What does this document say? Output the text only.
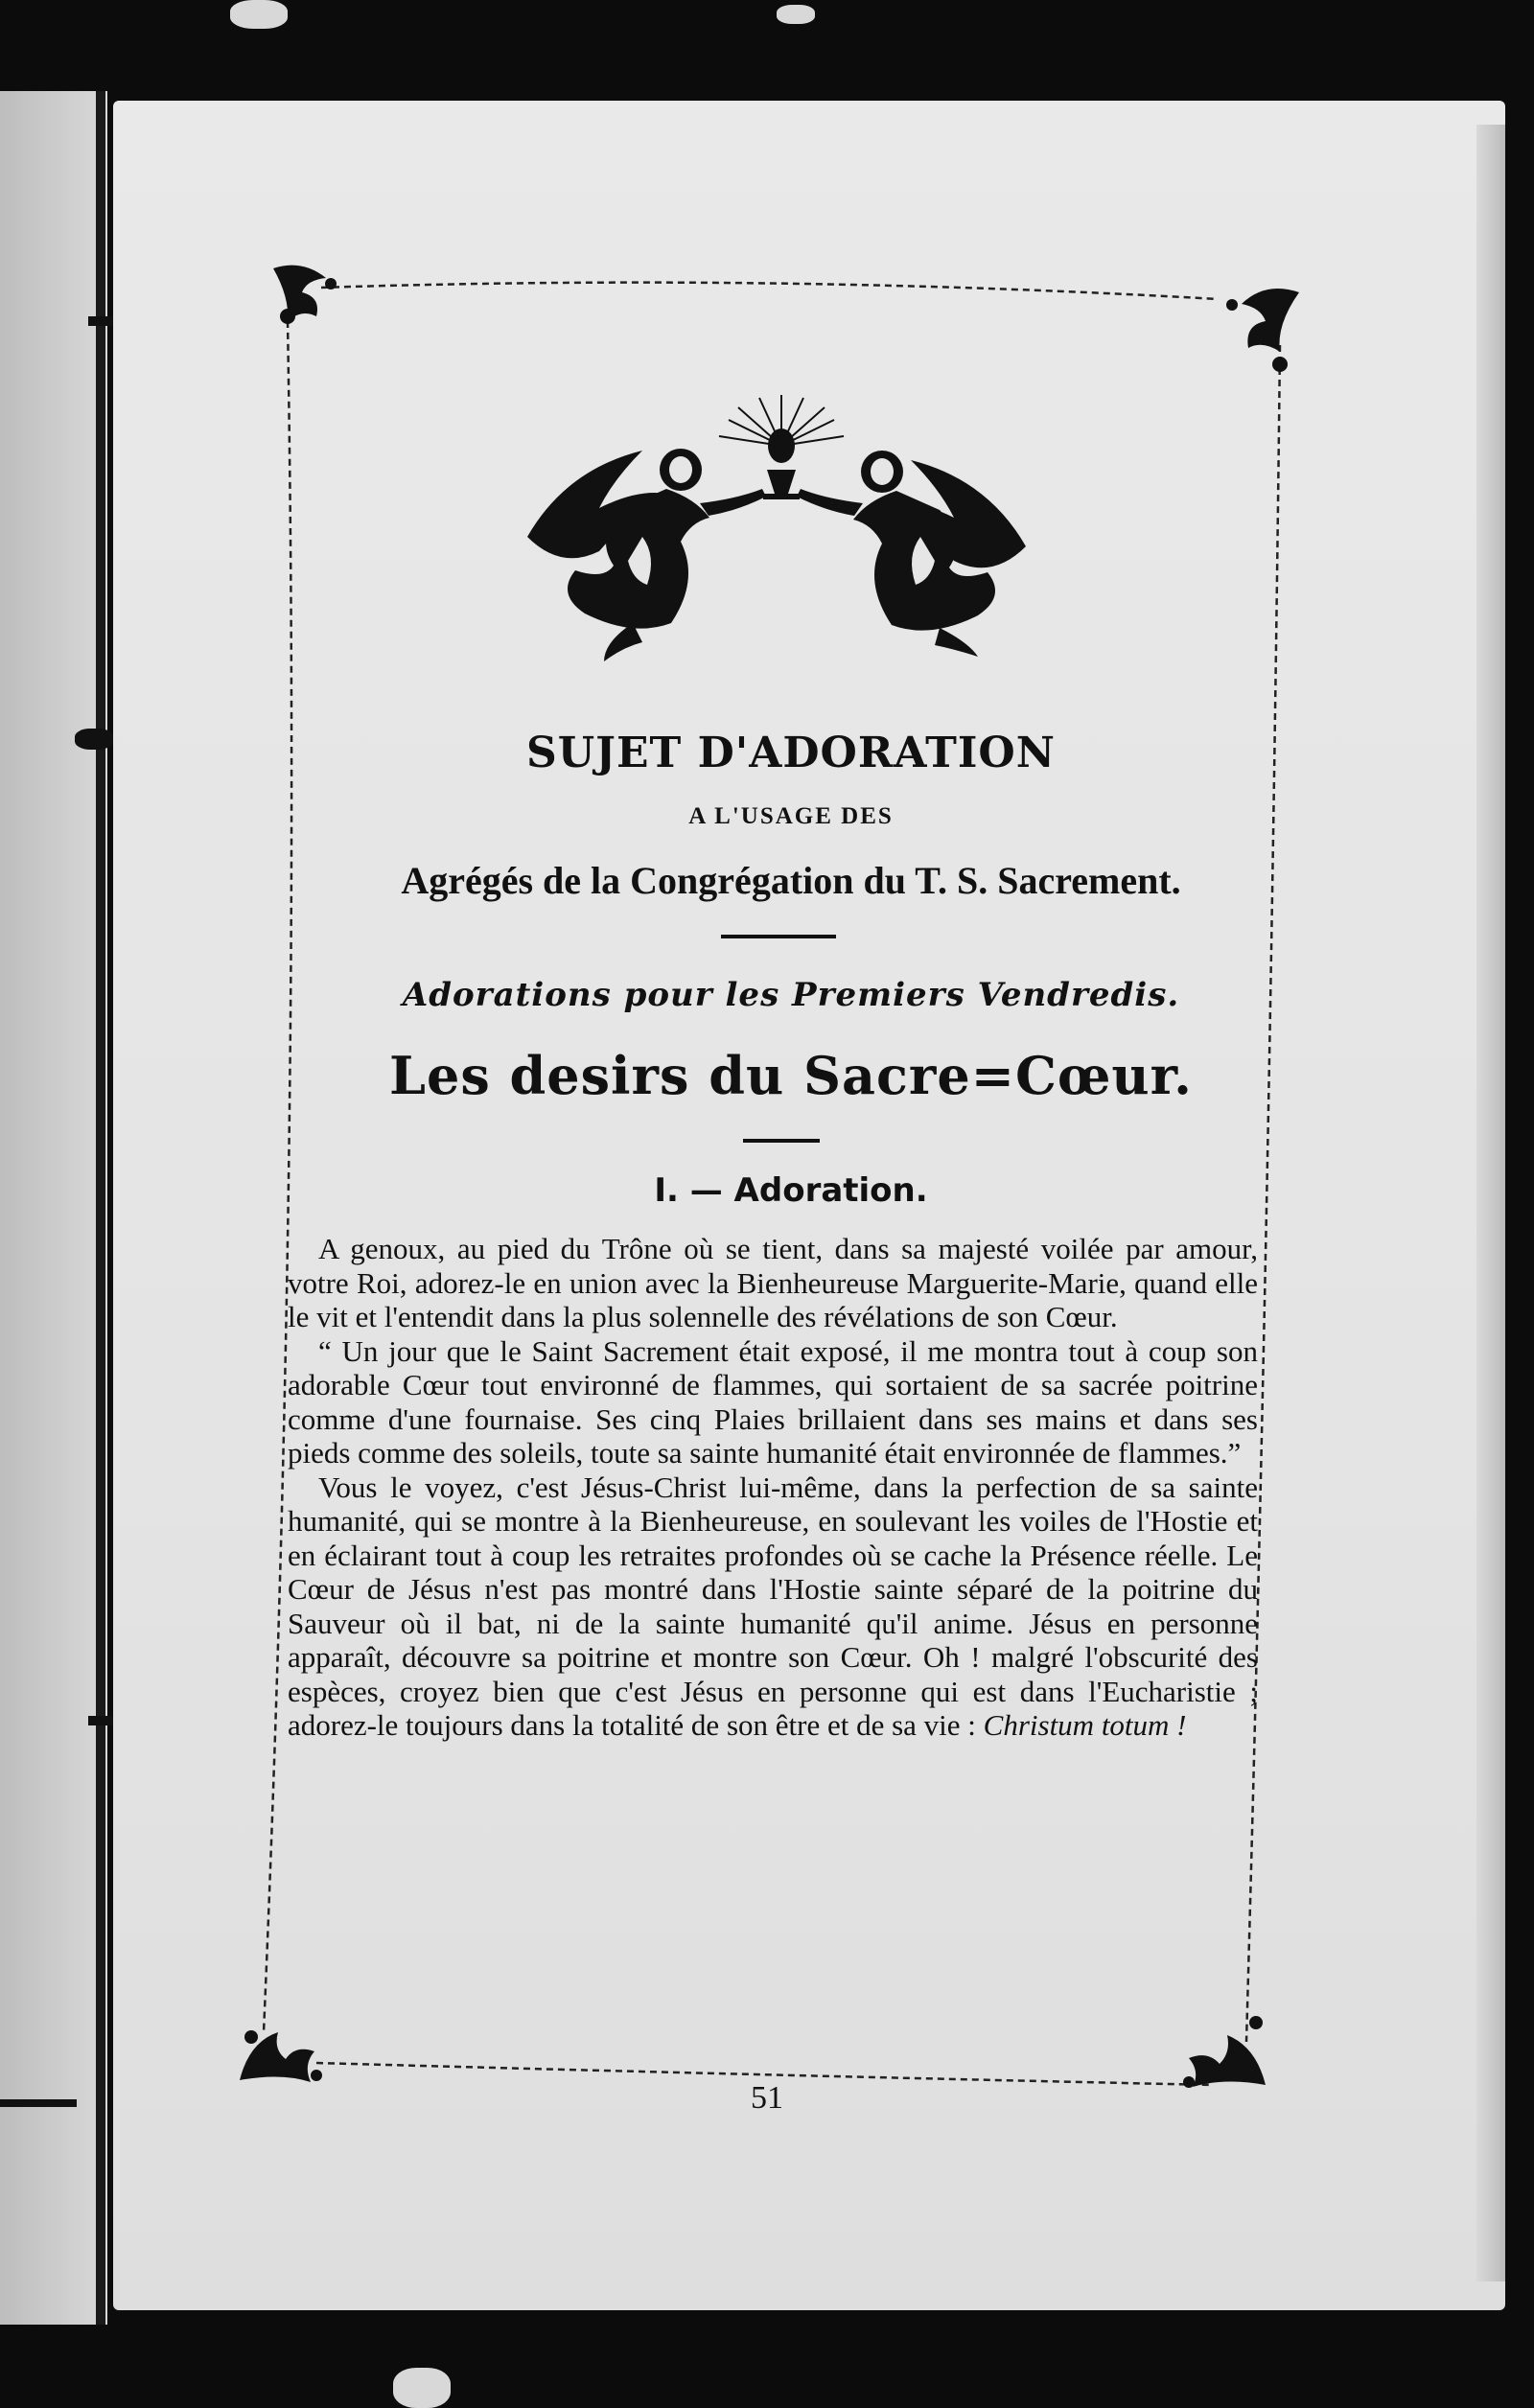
SUJET D'ADORATION
A L'USAGE DES
Agrégés de la Congrégation du T. S. Sacrement.
Adorations pour les Premiers Vendredis.
Les desirs du Sacre=Cœur.
I. — Adoration.

A genoux, au pied du Trône où se tient, dans sa majesté voilée par amour, votre Roi, adorez-le en union avec la Bienheureuse Marguerite-Marie, quand elle le vit et l'entendit dans la plus solennelle des révélations de son Cœur.

“ Un jour que le Saint Sacrement était exposé, il me montra tout à coup son adorable Cœur tout environné de flammes, qui sortaient de sa sacrée poitrine comme d'une fournaise. Ses cinq Plaies brillaient dans ses mains et dans ses pieds comme des soleils, toute sa sainte humanité était environnée de flammes.”

Vous le voyez, c'est Jésus-Christ lui-même, dans la perfection de sa sainte humanité, qui se montre à la Bienheureuse, en soulevant les voiles de l'Hostie et en éclairant tout à coup les retraites profondes où se cache la Présence réelle. Le Cœur de Jésus n'est pas montré dans l'Hostie sainte séparé de la poitrine du Sauveur où il bat, ni de la sainte humanité qu'il anime. Jésus en personne apparaît, découvre sa poitrine et montre son Cœur. Oh ! malgré l'obscurité des espèces, croyez bien que c'est Jésus en personne qui est dans l'Eucharistie ; adorez-le toujours dans la totalité de son être et de sa vie : Christum totum !

51
